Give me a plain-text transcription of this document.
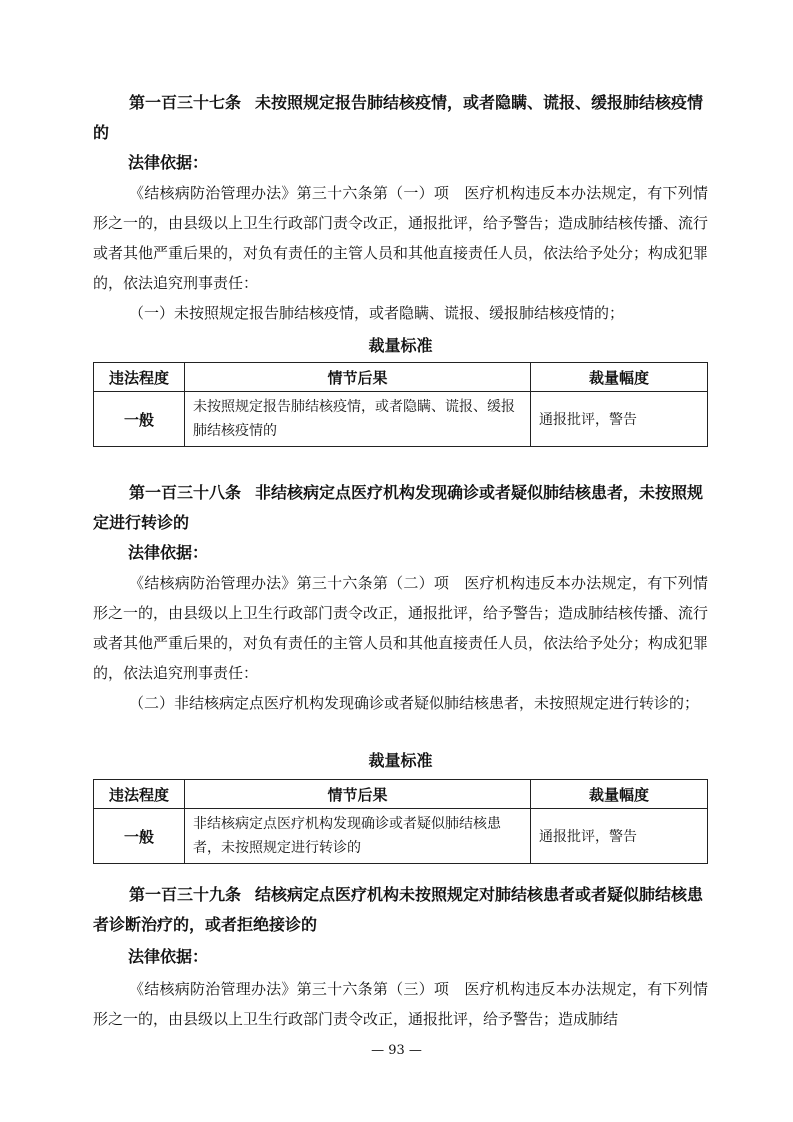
第一百三十七条 未按照规定报告肺结核疫情，或者隐瞒、谎报、缓报肺结核疫情的

法律依据：

《结核病防治管理办法》第三十六条第（一）项　医疗机构违反本办法规定，有下列情形之一的，由县级以上卫生行政部门责令改正，通报批评，给予警告；造成肺结核传播、流行或者其他严重后果的，对负有责任的主管人员和其他直接责任人员，依法给予处分；构成犯罪的，依法追究刑事责任：

（一）未按照规定报告肺结核疫情，或者隐瞒、谎报、缓报肺结核疫情的；

裁量标准

违法程度	情节后果	裁量幅度
一般	未按照规定报告肺结核疫情，或者隐瞒、谎报、缓报肺结核疫情的	通报批评，警告

第一百三十八条 非结核病定点医疗机构发现确诊或者疑似肺结核患者，未按照规定进行转诊的

法律依据：

《结核病防治管理办法》第三十六条第（二）项　医疗机构违反本办法规定，有下列情形之一的，由县级以上卫生行政部门责令改正，通报批评，给予警告；造成肺结核传播、流行或者其他严重后果的，对负有责任的主管人员和其他直接责任人员，依法给予处分；构成犯罪的，依法追究刑事责任：

（二）非结核病定点医疗机构发现确诊或者疑似肺结核患者，未按照规定进行转诊的；

裁量标准

违法程度	情节后果	裁量幅度
一般	非结核病定点医疗机构发现确诊或者疑似肺结核患者，未按照规定进行转诊的	通报批评，警告

第一百三十九条 结核病定点医疗机构未按照规定对肺结核患者或者疑似肺结核患者诊断治疗的，或者拒绝接诊的

法律依据：

《结核病防治管理办法》第三十六条第（三）项　医疗机构违反本办法规定，有下列情形之一的，由县级以上卫生行政部门责令改正，通报批评，给予警告；造成肺结

— 93 —
